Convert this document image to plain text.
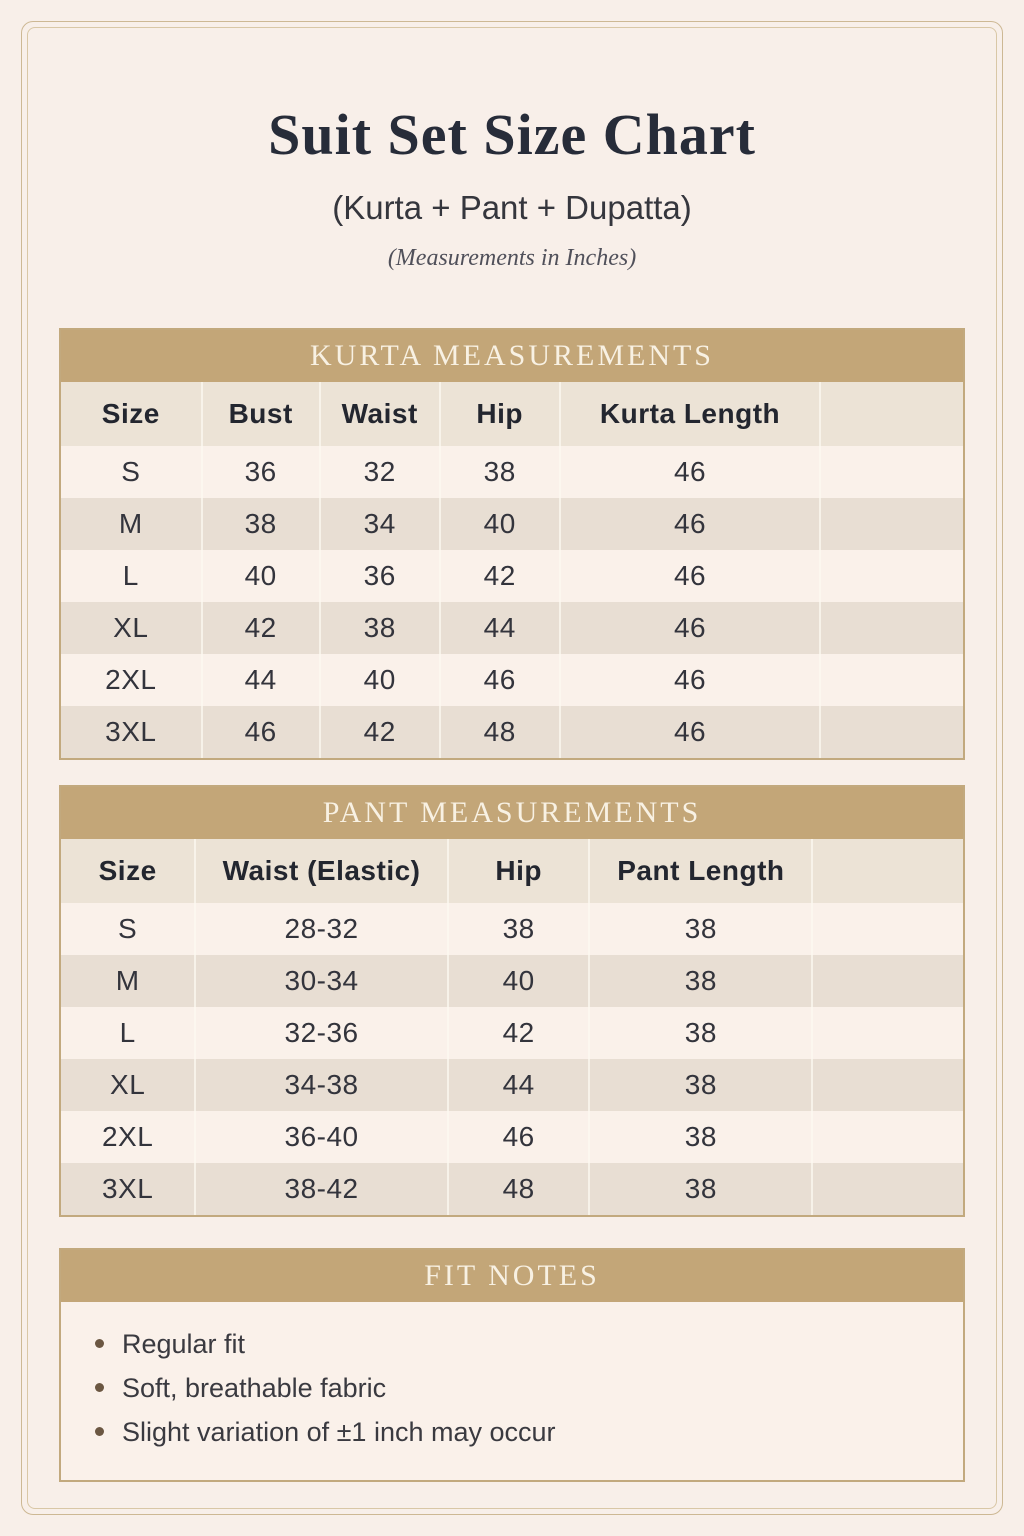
Suit Set Size Chart
(Kurta + Pant + Dupatta)
(Measurements in Inches)
KURTA MEASUREMENTS
Size	Bust	Waist	Hip	Kurta Length
S	36	32	38	46
M	38	34	40	46
L	40	36	42	46
XL	42	38	44	46
2XL	44	40	46	46
3XL	46	42	48	46
PANT MEASUREMENTS
Size	Waist (Elastic)	Hip	Pant Length
S	28-32	38	38
M	30-34	40	38
L	32-36	42	38
XL	34-38	44	38
2XL	36-40	46	38
3XL	38-42	48	38
FIT NOTES
Regular fit
Soft, breathable fabric
Slight variation of ±1 inch may occur
